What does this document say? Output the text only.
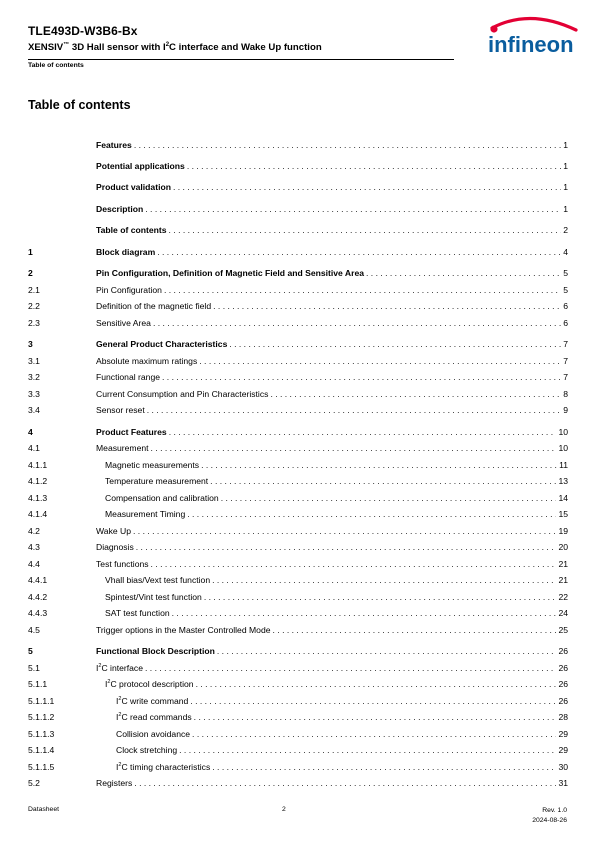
TLE493D-W3B6-Bx
XENSIV™ 3D Hall sensor with $I^2C$ interface and Wake Up function
Table of contents
infineon
Table of contents
Features . . .	1
Potential applications . . .	1
Product validation . . .	1
Description . . .	1
Table of contents . . .	2
1	Block diagram . . .	4
2	Pin Configuration, Definition of Magnetic Field and Sensitive Area . . .	5
2.1	Pin Configuration . . .	5
2.2	Definition of the magnetic field . . .	6
2.3	Sensitive Area . . .	6
3	General Product Characteristics . . .	7
3.1	Absolute maximum ratings . . .	7
3.2	Functional range . . .	7
3.3	Current Consumption and Pin Characteristics . . .	8
3.4	Sensor reset . . .	9
4	Product Features . . .	10
4.1	Measurement . . .	10
4.1.1	Magnetic measurements . . .	11
4.1.2	Temperature measurement . . .	13
4.1.3	Compensation and calibration . . .	14
4.1.4	Measurement Timing . . .	15
4.2	Wake Up . . .	19
4.3	Diagnosis . . .	20
4.4	Test functions . . .	21
4.4.1	Vhall bias/Vext test function . . .	21
4.4.2	Spintest/Vint test function . . .	22
4.4.3	SAT test function . . .	24
4.5	Trigger options in the Master Controlled Mode . . .	25
5	Functional Block Description . . .	26
5.1	$I^2C$ interface . . .	26
5.1.1	$I^2C$ protocol description . . .	26
5.1.1.1	$I^2C$ write command . . .	26
5.1.1.2	$I^2C$ read commands . . .	28
5.1.1.3	Collision avoidance . . .	29
5.1.1.4	Clock stretching . . .	29
5.1.1.5	$I^2C$ timing characteristics . . .	30
5.2	Registers . . .	31
Datasheet	2	Rev. 1.0
2024-08-26
